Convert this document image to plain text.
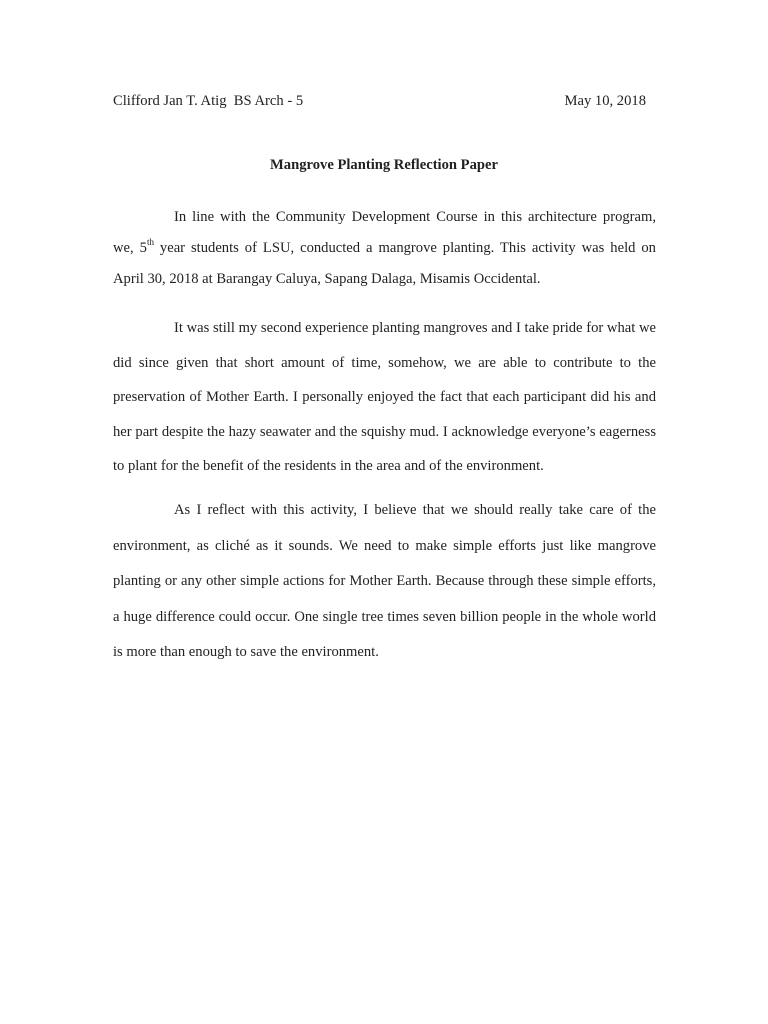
Clifford Jan T. Atig  BS Arch - 5	May 10, 2018
Mangrove Planting Reflection Paper

In line with the Community Development Course in this architecture program, we, 5th year students of LSU, conducted a mangrove planting. This activity was held on April 30, 2018 at Barangay Caluya, Sapang Dalaga, Misamis Occidental.

It was still my second experience planting mangroves and I take pride for what we did since given that short amount of time, somehow, we are able to contribute to the preservation of Mother Earth. I personally enjoyed the fact that each participant did his and her part despite the hazy seawater and the squishy mud. I acknowledge everyone’s eagerness to plant for the benefit of the residents in the area and of the environment.

As I reflect with this activity, I believe that we should really take care of the environment, as cliché as it sounds. We need to make simple efforts just like mangrove planting or any other simple actions for Mother Earth. Because through these simple efforts, a huge difference could occur. One single tree times seven billion people in the whole world is more than enough to save the environment.
